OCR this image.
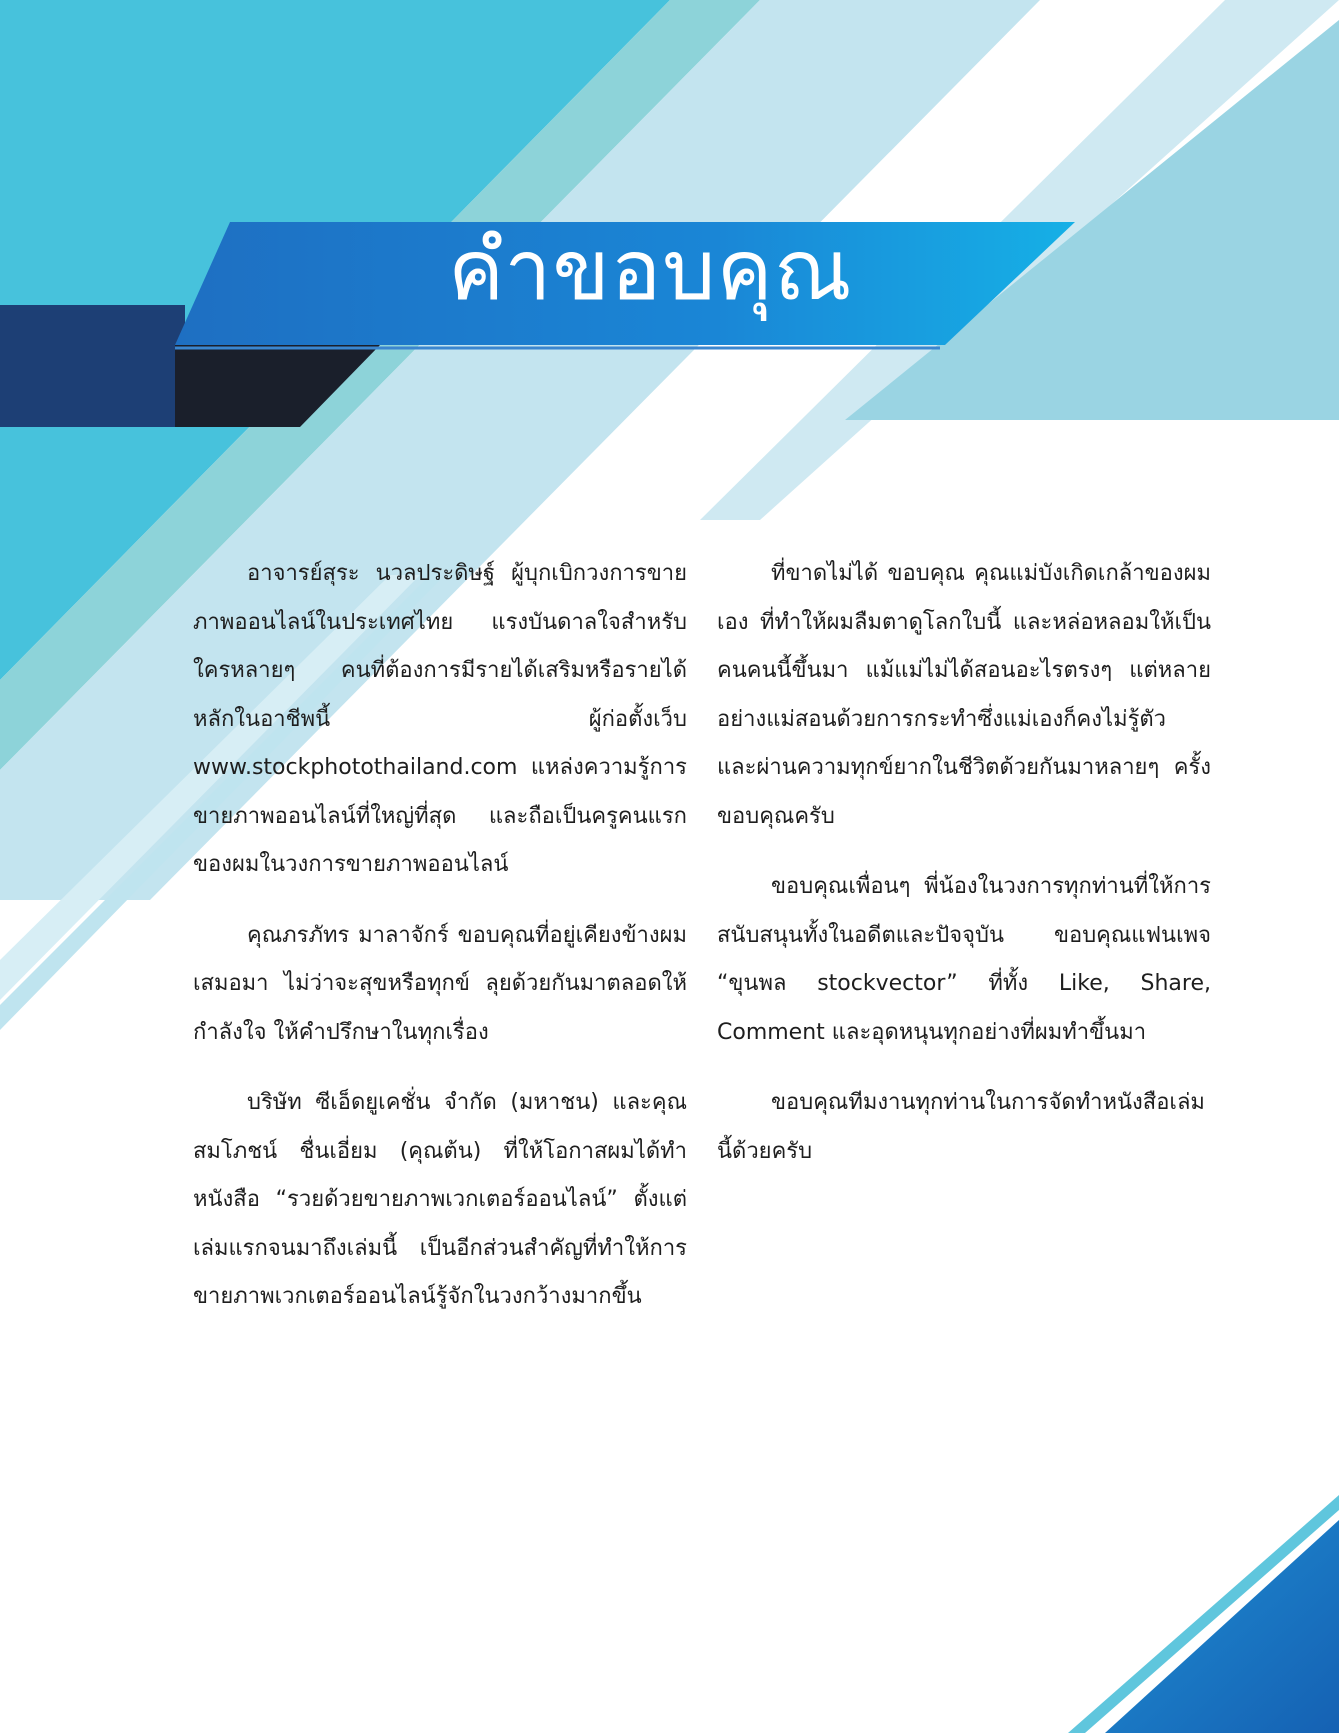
คำขอบคุณ

อาจารย์สุระ นวลประดิษฐ์ ผู้บุกเบิกวงการขายภาพออนไลน์ในประเทศไทย แรงบันดาลใจสำหรับใครหลายๆ คนที่ต้องการมีรายได้เสริมหรือรายได้หลักในอาชีพนี้ ผู้ก่อตั้งเว็บ www.stockphotothailand.com แหล่งความรู้การขายภาพออนไลน์ที่ใหญ่ที่สุด และถือเป็นครูคนแรกของผมในวงการขายภาพออนไลน์

คุณภรภัทร มาลาจักร์ ขอบคุณที่อยู่เคียงข้างผมเสมอมา ไม่ว่าจะสุขหรือทุกข์ ลุยด้วยกันมาตลอดให้กำลังใจ ให้คำปรึกษาในทุกเรื่อง

บริษัท ซีเอ็ดยูเคชั่น จำกัด (มหาชน) และคุณสมโภชน์ ชื่นเอี่ยม (คุณต้น) ที่ให้โอกาสผมได้ทำหนังสือ “รวยด้วยขายภาพเวกเตอร์ออนไลน์” ตั้งแต่เล่มแรกจนมาถึงเล่มนี้ เป็นอีกส่วนสำคัญที่ทำให้การขายภาพเวกเตอร์ออนไลน์รู้จักในวงกว้างมากขึ้น

ที่ขาดไม่ได้ ขอบคุณ คุณแม่บังเกิดเกล้าของผมเอง ที่ทำให้ผมลืมตาดูโลกใบนี้ และหล่อหลอมให้เป็นคนคนนี้ขึ้นมา แม้แม่ไม่ได้สอนอะไรตรงๆ แต่หลายอย่างแม่สอนด้วยการกระทำซึ่งแม่เองก็คงไม่รู้ตัว และผ่านความทุกข์ยากในชีวิตด้วยกันมาหลายๆ ครั้ง ขอบคุณครับ

ขอบคุณเพื่อนๆ พี่น้องในวงการทุกท่านที่ให้การสนับสนุนทั้งในอดีตและปัจจุบัน ขอบคุณแฟนเพจ “ขุนพล stockvector” ที่ทั้ง Like, Share, Comment และอุดหนุนทุกอย่างที่ผมทำขึ้นมา

ขอบคุณทีมงานทุกท่านในการจัดทำหนังสือเล่มนี้ด้วยครับ
